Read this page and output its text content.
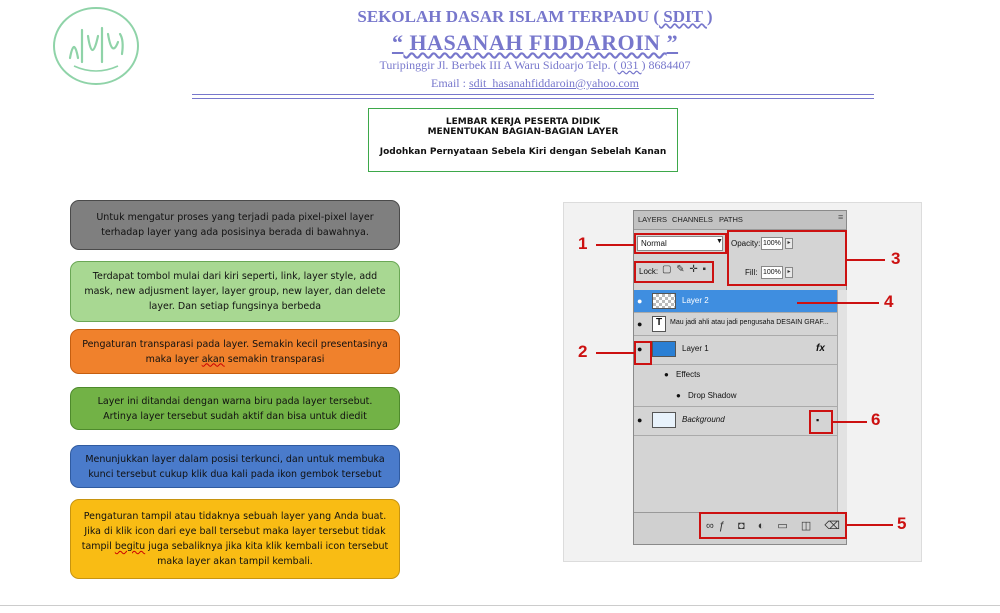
SEKOLAH DASAR ISLAM TERPADU ( SDIT )
“ HASANAH FIDDAROIN ”
Turipinggir Jl. Berbek III A Waru Sidoarjo Telp. ( 031 ) 8684407
Email : sdit_hasanahfiddaroin@yahoo.com
LEMBAR KERJA PESERTA DIDIK
MENENTUKAN BAGIAN-BAGIAN LAYER
Jodohkan Pernyataan Sebela Kiri dengan Sebelah Kanan
Untuk mengatur proses yang terjadi pada pixel-pixel layer terhadap layer yang ada posisinya berada di bawahnya.
Terdapat tombol mulai dari kiri seperti, link, layer style, add mask, new adjusment layer, layer group, new layer, dan delete layer. Dan setiap fungsinya berbeda
Pengaturan transparasi pada layer. Semakin kecil presentasinya maka layer akan semakin transparasi
Layer ini ditandai dengan warna biru pada layer tersebut. Artinya layer tersebut sudah aktif dan bisa untuk diedit
Menunjukkan layer dalam posisi terkunci, dan untuk membuka kunci tersebut cukup klik dua kali pada ikon gembok tersebut
Pengaturan tampil atau tidaknya sebuah layer yang Anda buat. Jika di klik icon dari eye ball tersebut maka layer tersebut tidak tampil begitu juga sebaliknya jika kita klik kembali icon tersebut maka layer akan tampil kembali.
LAYERS CHANNELS PATHS	≡
Normal	▼ Opacity: 100%	▸
Lock: ▢ ✎ ✛ ▪	Fill: 100%	▸
●	Layer 2
●	T	Mau jadi ahli atau jadi pengusaha DESAIN GRAF...
●	Layer 1	fx
● Effects
● Drop Shadow
●	Background	▪
∞ƒ ◘ ◐ ▭ ◫ ⌫
1
3
4
2
6
5
